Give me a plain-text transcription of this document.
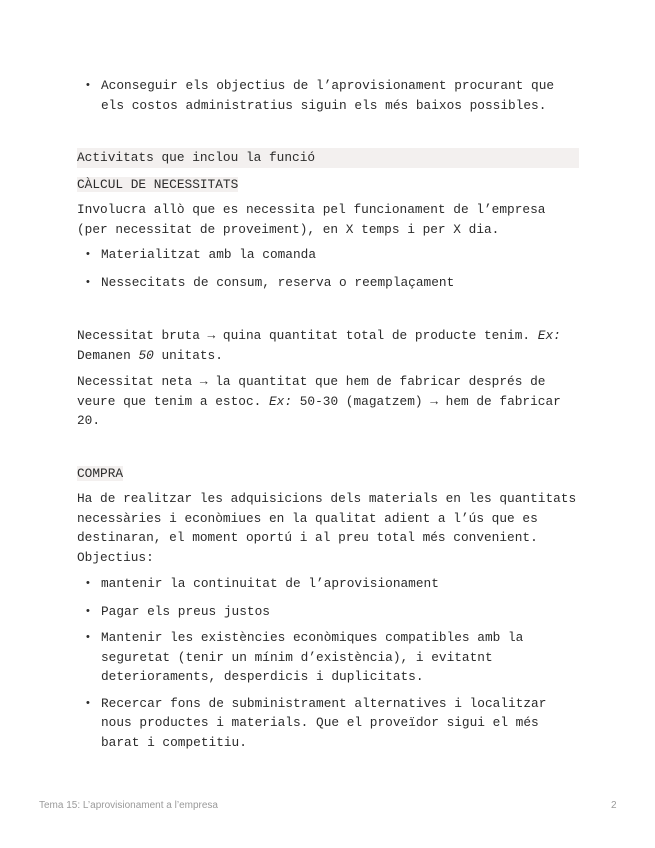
• Aconseguir els objectius de l’aprovisionament procurant que els costos administratius siguin els més baixos possibles.

Activitats que inclou la funció

CÀLCUL DE NECESSITATS

Involucra allò que es necessita pel funcionament de l’empresa (per necessitat de proveiment), en X temps i per X dia.

• Materialitzat amb la comanda
• Nessecitats de consum, reserva o reemplaçament

Necessitat bruta → quina quantitat total de producte tenim. Ex: Demanen 50 unitats.

Necessitat neta → la quantitat que hem de fabricar després de veure que tenim a estoc. Ex: 50-30 (magatzem) → hem de fabricar 20.

COMPRA

Ha de realitzar les adquisicions dels materials en les quantitats necessàries i econòmiues en la qualitat adient a l’ús que es destinaran, el moment oportú i al preu total més convenient. Objectius:

• mantenir la continuitat de l’aprovisionament
• Pagar els preus justos
• Mantenir les existències econòmiques compatibles amb la seguretat (tenir un mínim d’existència), i evitatnt deterioraments, desperdicis i duplicitats.
• Recercar fons de subministrament alternatives i localitzar nous productes i materials. Que el proveïdor sigui el més barat i competitiu.
Tema 15: L’aprovisionament a l’empresa	2
